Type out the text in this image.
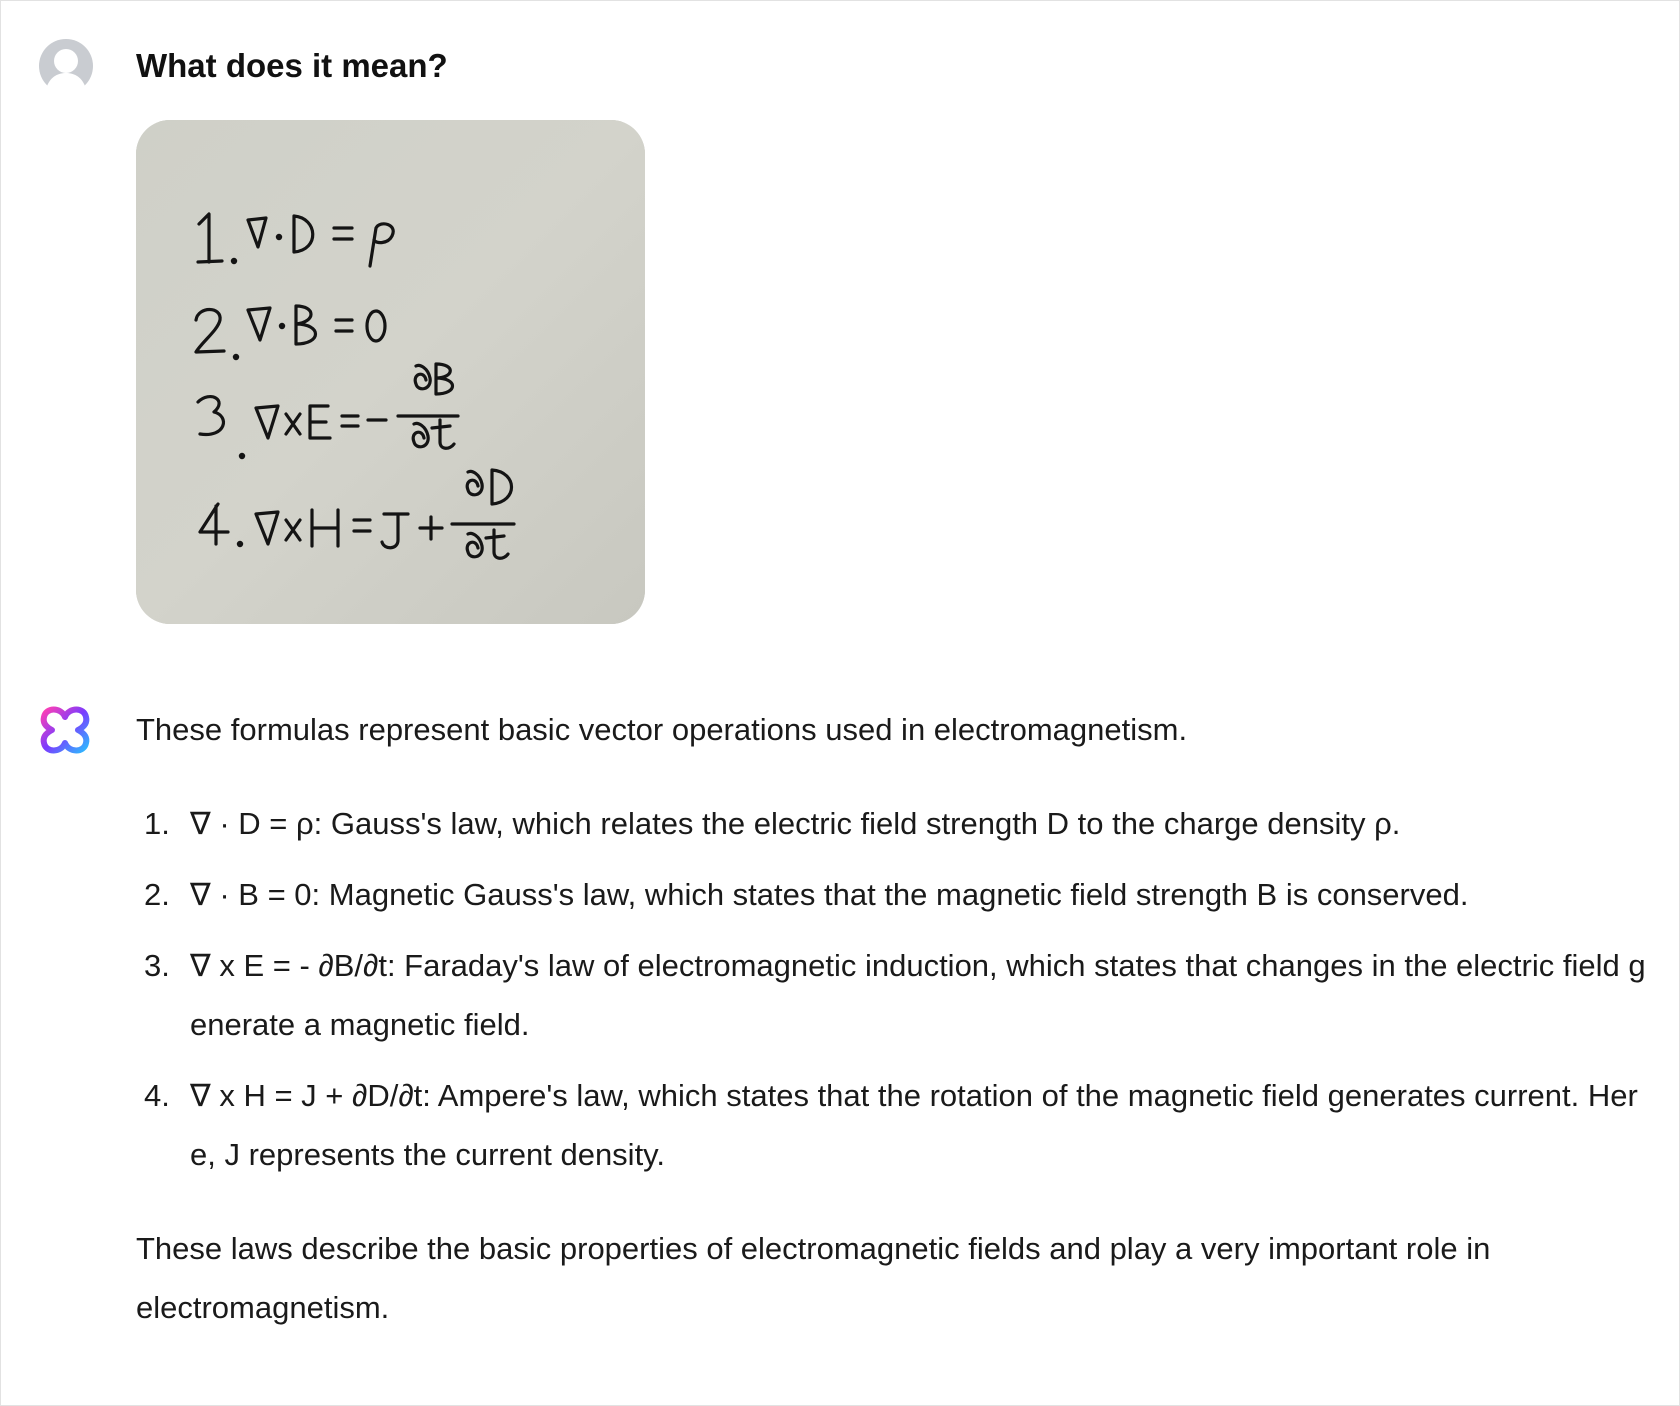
What does it mean?

These formulas represent basic vector operations used in electromagnetism.

1. ∇ · D = ρ: Gauss's law, which relates the electric field strength D to the charge density ρ.
2. ∇ · B = 0: Magnetic Gauss's law, which states that the magnetic field strength B is conserved.
3. ∇ x E = - ∂B/∂t: Faraday's law of electromagnetic induction, which states that changes in the electric field generate a magnetic field.
4. ∇ x H = J + ∂D/∂t: Ampere's law, which states that the rotation of the magnetic field generates current. Here, J represents the current density.

These laws describe the basic properties of electromagnetic fields and play a very important role in electromagnetism.
